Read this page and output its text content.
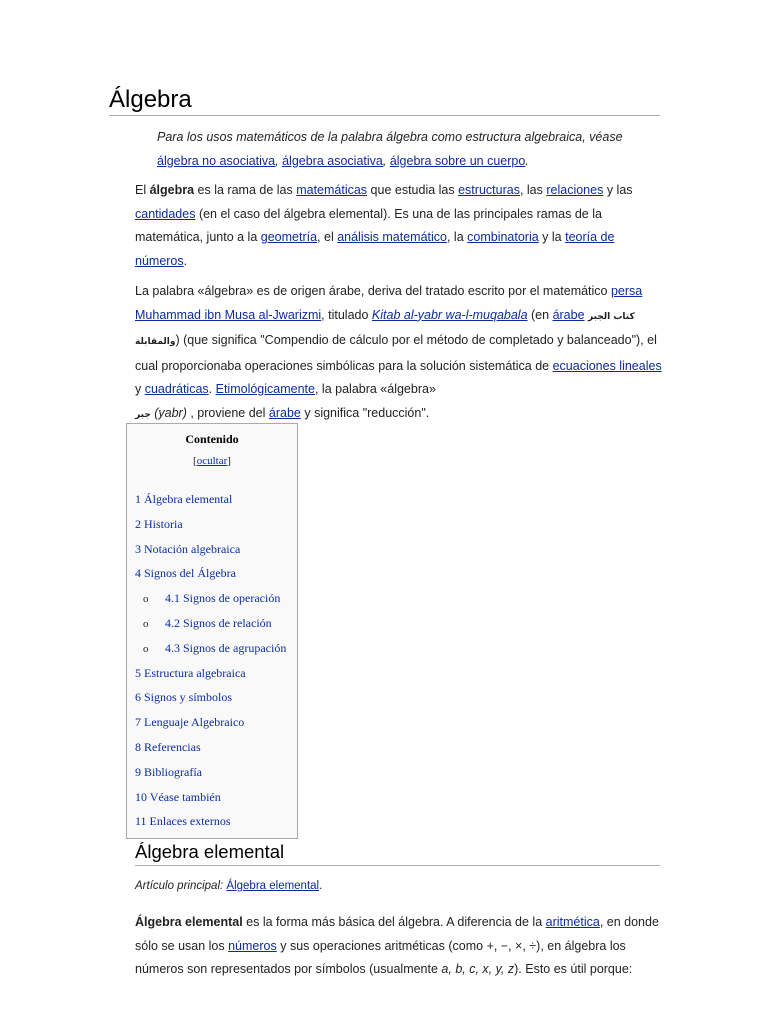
Álgebra

Para los usos matemáticos de la palabra álgebra como estructura algebraica, véase álgebra no asociativa, álgebra asociativa, álgebra sobre un cuerpo.

El álgebra es la rama de las matemáticas que estudia las estructuras, las relaciones y las cantidades (en el caso del álgebra elemental). Es una de las principales ramas de la matemática, junto a la geometría, el análisis matemático, la combinatoria y la teoría de números.

La palabra «álgebra» es de origen árabe, deriva del tratado escrito por el matemático persa Muhammad ibn Musa al-Jwarizmi, titulado Kitab al-yabr wa-l-muqabala (en árabe كتاب الجبر والمقابلة) (que significa "Compendio de cálculo por el método de completado y balanceado"), el cual proporcionaba operaciones simbólicas para la solución sistemática de ecuaciones lineales y cuadráticas. Etimológicamente, la palabra «álgebra»
جبر (yabr) , proviene del árabe y significa "reducción".

Contenido
[ocultar]
1 Álgebra elemental
2 Historia
3 Notación algebraica
4 Signos del Álgebra
o 4.1 Signos de operación
o 4.2 Signos de relación
o 4.3 Signos de agrupación
5 Estructura algebraica
6 Signos y símbolos
7 Lenguaje Algebraico
8 Referencias
9 Bibliografía
10 Véase también
11 Enlaces externos
Álgebra elemental

Artículo principal: Álgebra elemental.

Álgebra elemental es la forma más básica del álgebra. A diferencia de la aritmética, en donde sólo se usan los números y sus operaciones aritméticas (como +, −, ×, ÷), en álgebra los números son representados por símbolos (usualmente a, b, c, x, y, z). Esto es útil porque:
